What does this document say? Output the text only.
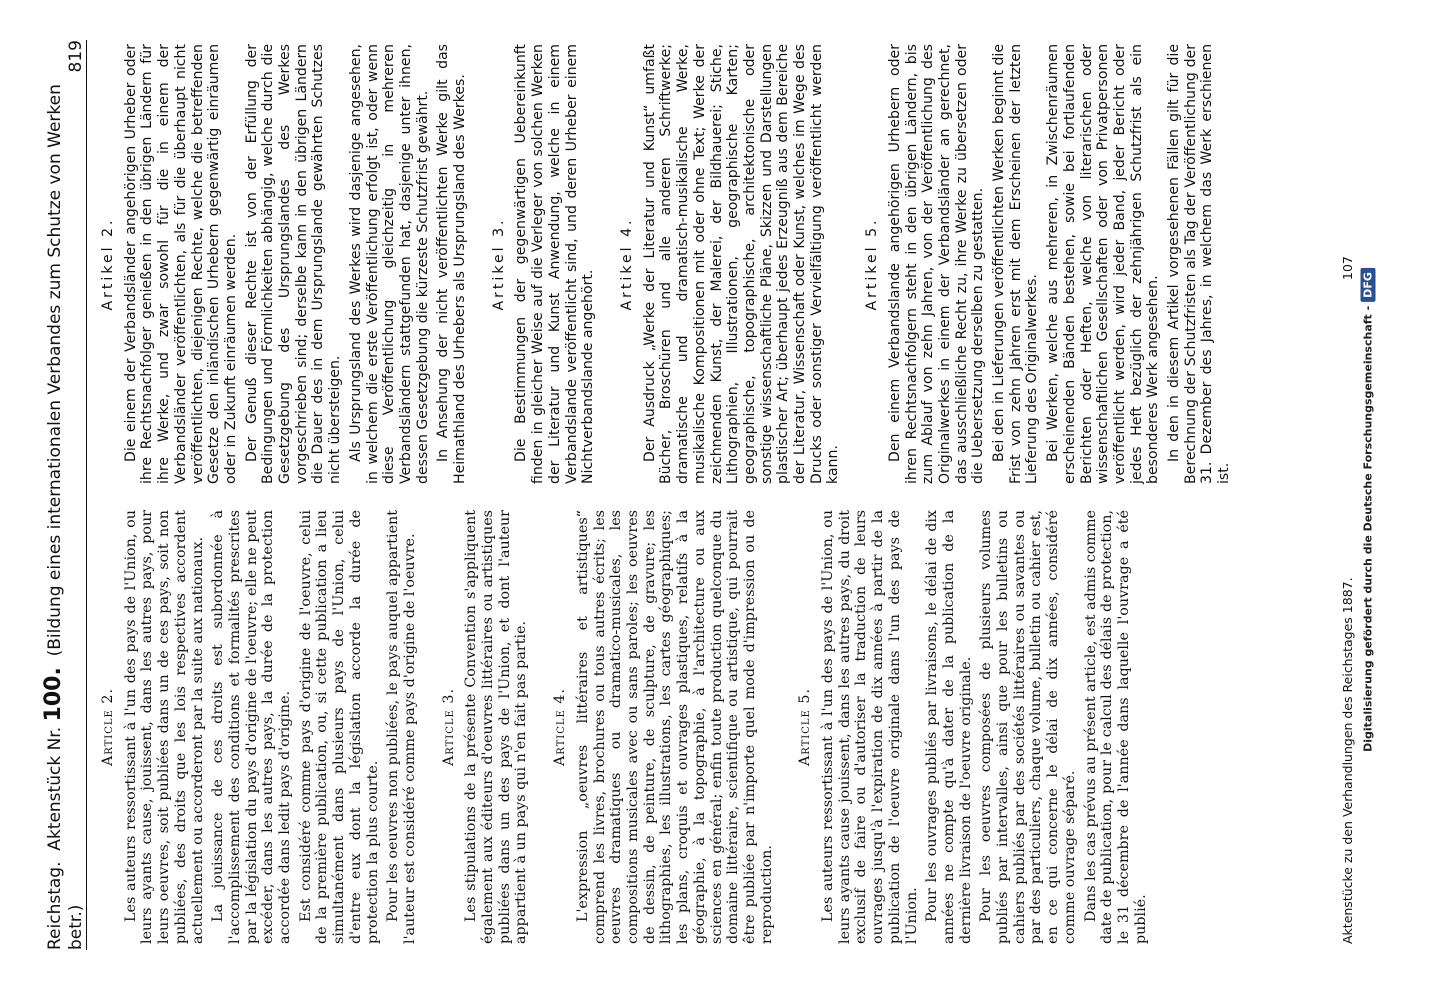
Reichstag.  Aktenstück Nr. 100.  (Bildung eines internationalen Verbandes zum Schutze von Werken betr.)
819
Article 2. Les auteurs ressortissant à l'un des pays de l'Union, ou leurs ayants cause, jouissent, dans les autres pays, pour leurs oeuvres, soit publiées dans un de ces pays, soit non publiées, des droits que les lois respectives accordent actuellement ou accorderont par la suite aux nationaux. La jouissance de ces droits est subordonnée à l'accomplissement des conditions et formalités prescrites par la législation du pays d'origine de l'oeuvre; elle ne peut excéder, dans les autres pays, la durée de la protection accordée dans ledit pays d'origine. Est considéré comme pays d'origine de l'oeuvre, celui de la première publication, ou, si cette publication a lieu simultanément dans plusieurs pays de l'Union, celui d'entre eux dont la législation accorde la durée de protection la plus courte. Pour les oeuvres non publiées, le pays auquel appartient l'auteur est considéré comme pays d'origine de l'oeuvre. Article 3. Les stipulations de la présente Convention s'appliquent également aux éditeurs d'oeuvres littéraires ou artistiques publiées dans un des pays de l'Union, et dont l'auteur appartient à un pays qui n'en fait pas partie. Article 4. L'expression „oeuvres littéraires et artistiques“ comprend les livres, brochures ou tous autres écrits; les oeuvres dramatiques ou dramatico-musicales, les compositions musicales avec ou sans paroles; les oeuvres de dessin, de peinture, de sculpture, de gravure; les lithographies, les illustrations, les cartes géographiques; les plans, croquis et ouvrages plastiques, relatifs à la géographie, à la topographie, à l'architecture ou aux sciences en général; enfin toute production quelconque du domaine littéraire, scientifique ou artistique, qui pourrait être publiée par n'importe quel mode d'impression ou de reproduction.

Article 5. Les auteurs ressortissant à l'un des pays de l'Union, ou leurs ayants cause jouissent, dans les autres pays, du droit exclusif de faire ou d'autoriser la traduction de leurs ouvrages jusqu'à l'expiration de dix années à partir de la publication de l'oeuvre originale dans l'un des pays de l'Union. Pour les ouvrages publiés par livraisons, le délai de dix années ne compte qu'à dater de la publication de la dernière livraison de l'oeuvre originale. Pour les oeuvres composées de plusieurs volumes publiés par intervalles, ainsi que pour les bulletins ou cahiers publiés par des sociétés littéraires ou savantes ou par des particuliers, chaque volume, bulletin ou cahier est, en ce qui concerne le délai de dix années, considéré comme ouvrage séparé. Dans les cas prévus au présent article, est admis comme date de publication, pour le calcul des délais de protection, le 31 décembre de l'année dans laquelle l'ouvrage a été publié.

Artikel 2. Die einem der Verbandsländer angehörigen Urheber oder ihre Rechtsnachfolger genießen in den übrigen Ländern für ihre Werke, und zwar sowohl für die in einem der Verbandsländer veröffentlichten, als für die überhaupt nicht veröffentlichten, diejenigen Rechte, welche die betreffenden Gesetze den inländischen Urhebern gegenwärtig einräumen oder in Zukunft einräumen werden. Der Genuß dieser Rechte ist von der Erfüllung der Bedingungen und Förmlichkeiten abhängig, welche durch die Gesetzgebung des Ursprungslandes des Werkes vorgeschrieben sind; derselbe kann in den übrigen Ländern die Dauer des in dem Ursprungslande gewährten Schutzes nicht übersteigen. Als Ursprungsland des Werkes wird dasjenige angesehen, in welchem die erste Veröffentlichung erfolgt ist, oder wenn diese Veröffentlichung gleichzeitig in mehreren Verbandsländern stattgefunden hat, dasjenige unter ihnen, dessen Gesetzgebung die kürzeste Schutzfrist gewährt. In Ansehung der nicht veröffentlichten Werke gilt das Heimathland des Urhebers als Ursprungsland des Werkes. Artikel 3. Die Bestimmungen der gegenwärtigen Uebereinkunft finden in gleicher Weise auf die Verleger von solchen Werken der Literatur und Kunst Anwendung, welche in einem Verbandslande veröffentlicht sind, und deren Urheber einem Nichtverbandslande angehört.

Artikel 4. Der Ausdruck „Werke der Literatur und Kunst“ umfaßt Bücher, Broschüren und alle anderen Schriftwerke; dramatische und dramatisch-musikalische Werke, musikalische Kompositionen mit oder ohne Text; Werke der zeichnenden Kunst, der Malerei, der Bildhauerei; Stiche, Lithographien, Illustrationen, geographische Karten; geographische, topographische, architektonische oder sonstige wissenschaftliche Pläne, Skizzen und Darstellungen plastischer Art; überhaupt jedes Erzeugniß aus dem Bereiche der Literatur, Wissenschaft oder Kunst, welches im Wege des Drucks oder sonstiger Vervielfältigung veröffentlicht werden kann.

Artikel 5. Den einem Verbandslande angehörigen Urhebern oder ihren Rechtsnachfolgern steht in den übrigen Ländern, bis zum Ablauf von zehn Jahren, von der Veröffentlichung des Originalwerkes in einem der Verbandsländer an gerechnet, das ausschließliche Recht zu, ihre Werke zu übersetzen oder die Uebersetzung derselben zu gestatten. Bei den in Lieferungen veröffentlichten Werken beginnt die Frist von zehn Jahren erst mit dem Erscheinen der letzten Lieferung des Originalwerkes. Bei Werken, welche aus mehreren, in Zwischenräumen erscheinenden Bänden bestehen, sowie bei fortlaufenden Berichten oder Heften, welche von literarischen oder wissenschaftlichen Gesellschaften oder von Privatpersonen veröffentlicht werden, wird jeder Band, jeder Bericht oder jedes Heft bezüglich der zehnjährigen Schutzfrist als ein besonderes Werk angesehen. In den in diesem Artikel vorgesehenen Fällen gilt für die Berechnung der Schutzfristen als Tag der Veröffentlichung der 31. Dezember des Jahres, in welchem das Werk erschienen ist.

Aktenstücke zu den Verhandlungen des Reichstages 1887.
107
Digitalisierung gefördert durch die Deutsche Forschungsgemeinschaft -DFG
